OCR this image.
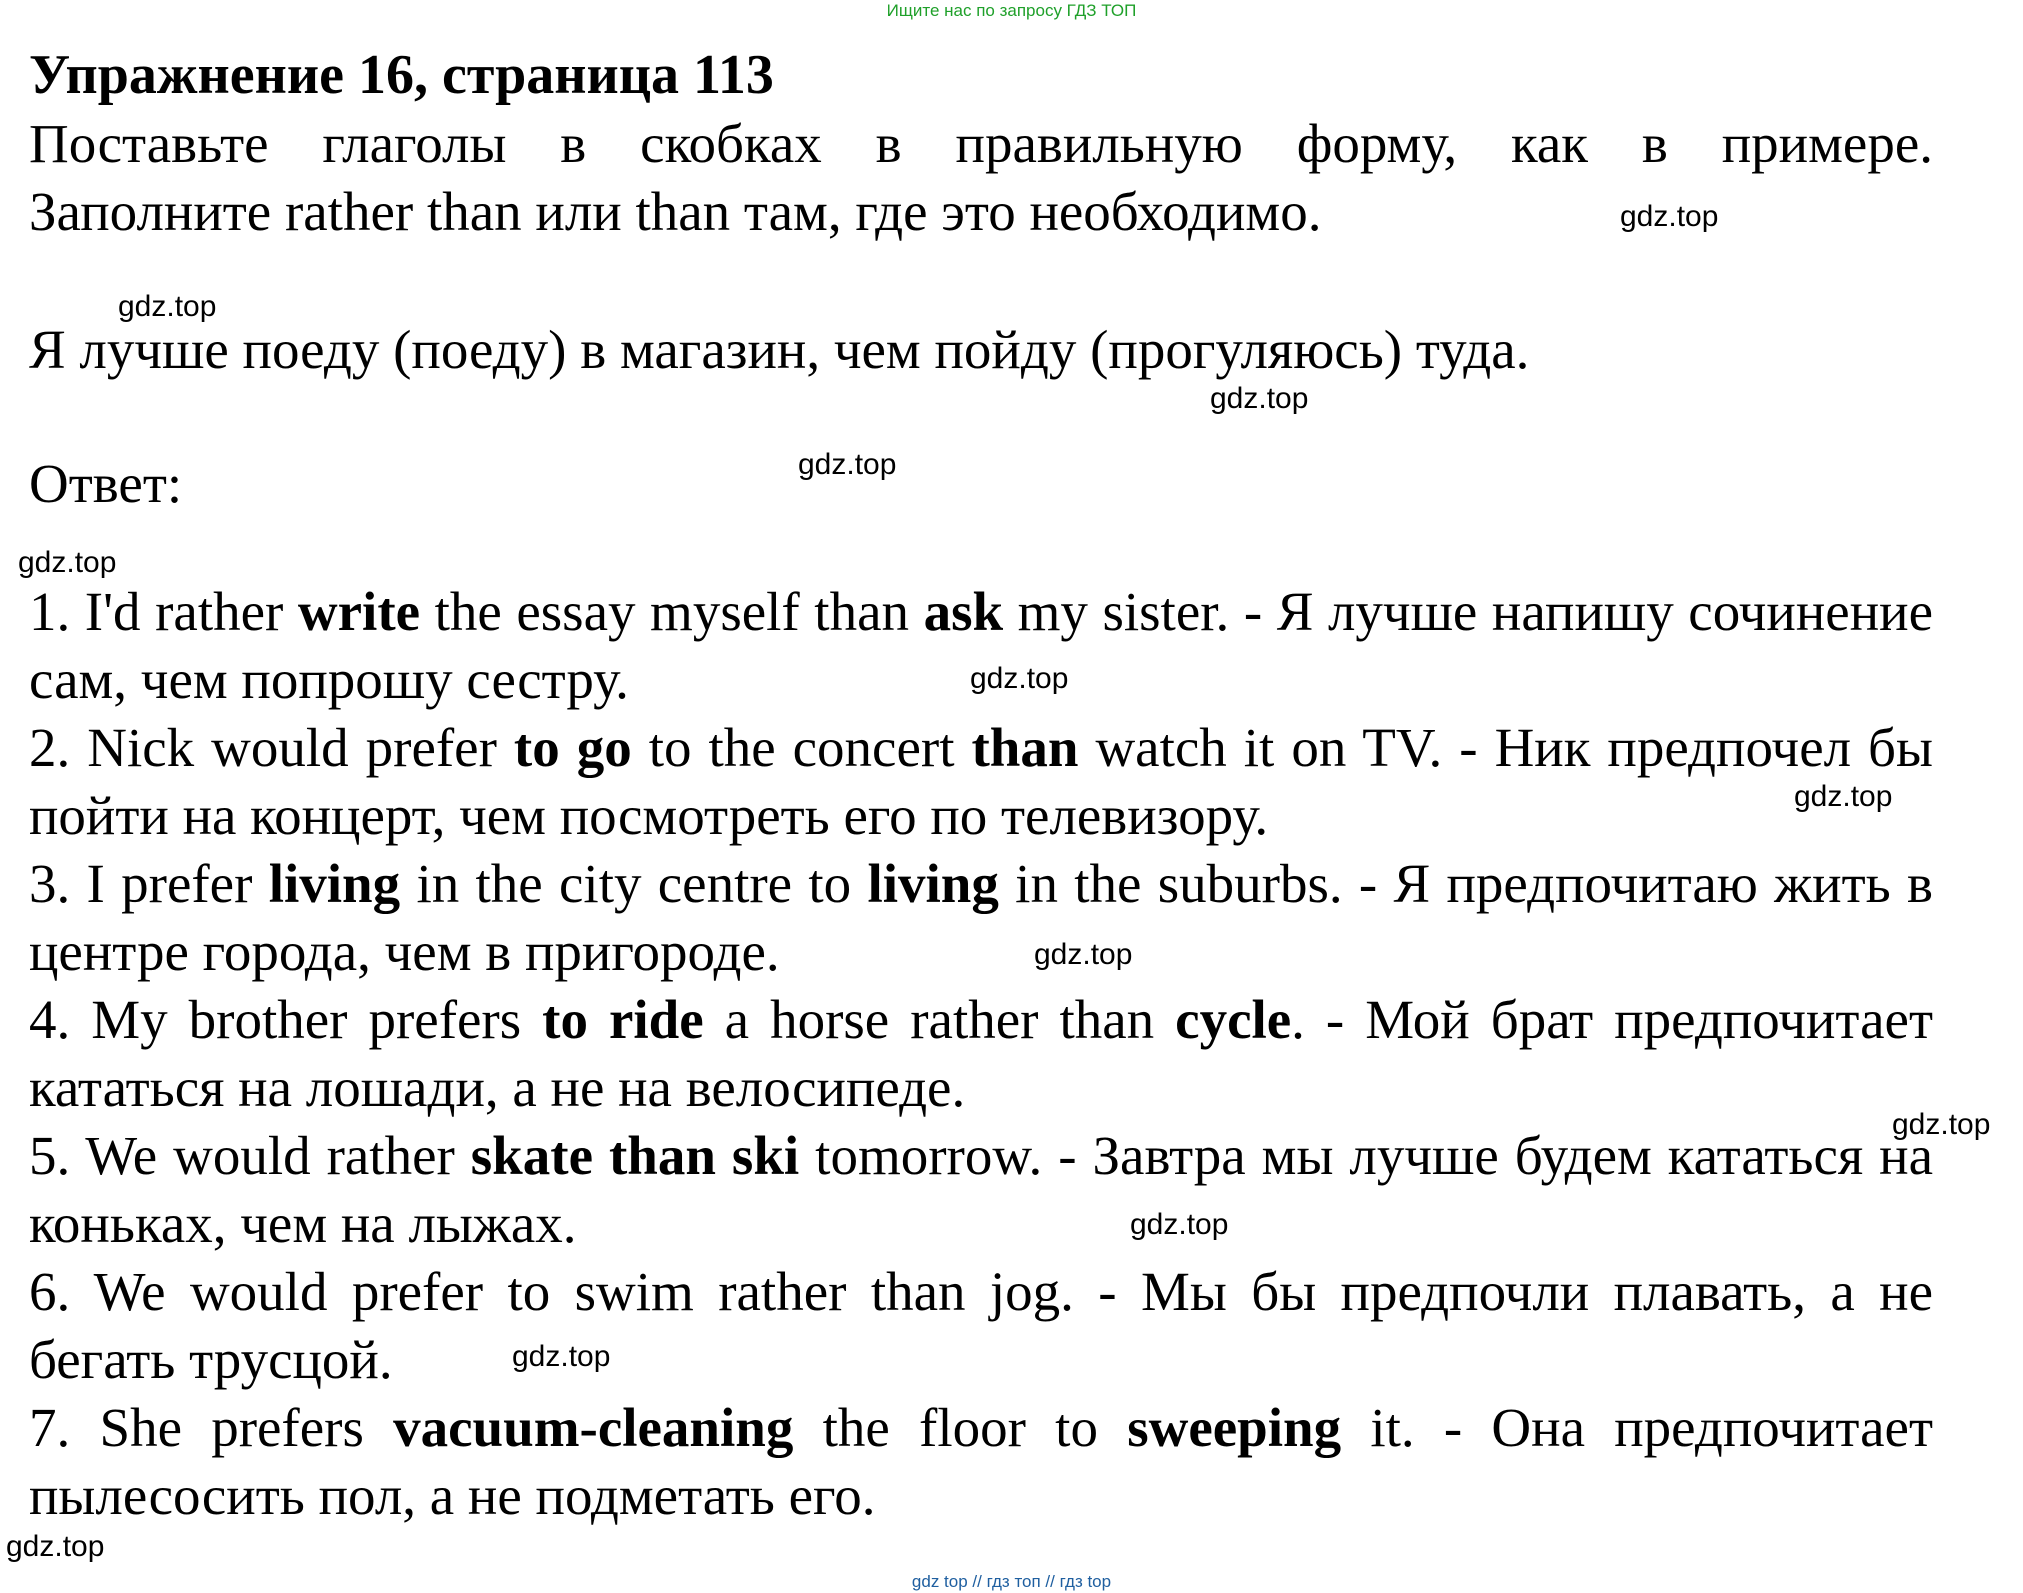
Ищите нас по запросу ГДЗ ТОП
Упражнение 16, страница 113
Поставьте глаголы в скобках в правильную форму, как в примере.
Заполните rather than или than там, где это необходимо.
Я лучше поеду (поеду) в магазин, чем пойду (прогуляюсь) туда.
Ответ:
1. I'd rather write the essay myself than ask my sister. - Я лучше напишу сочинение сам, чем попрошу сестру.
2. Nick would prefer to go to the concert than watch it on TV. - Ник предпочел бы пойти на концерт, чем посмотреть его по телевизору.
3. I prefer living in the city centre to living in the suburbs. - Я предпочитаю жить в центре города, чем в пригороде.
4. My brother prefers to ride a horse rather than cycle. - Мой брат предпочитает кататься на лошади, а не на велосипеде.
5. We would rather skate than ski tomorrow. - Завтра мы лучше будем кататься на коньках, чем на лыжах.
6. We would prefer to swim rather than jog. - Мы бы предпочли плавать, а не бегать трусцой.
7. She prefers vacuum-cleaning the floor to sweeping it. - Она предпочитает пылесосить пол, а не подметать его.
gdz.top
gdz.top
gdz.top
gdz.top
gdz.top
gdz.top
gdz.top
gdz.top
gdz.top
gdz.top
gdz.top
gdz.top
gdz top // гдз топ // гдз top
